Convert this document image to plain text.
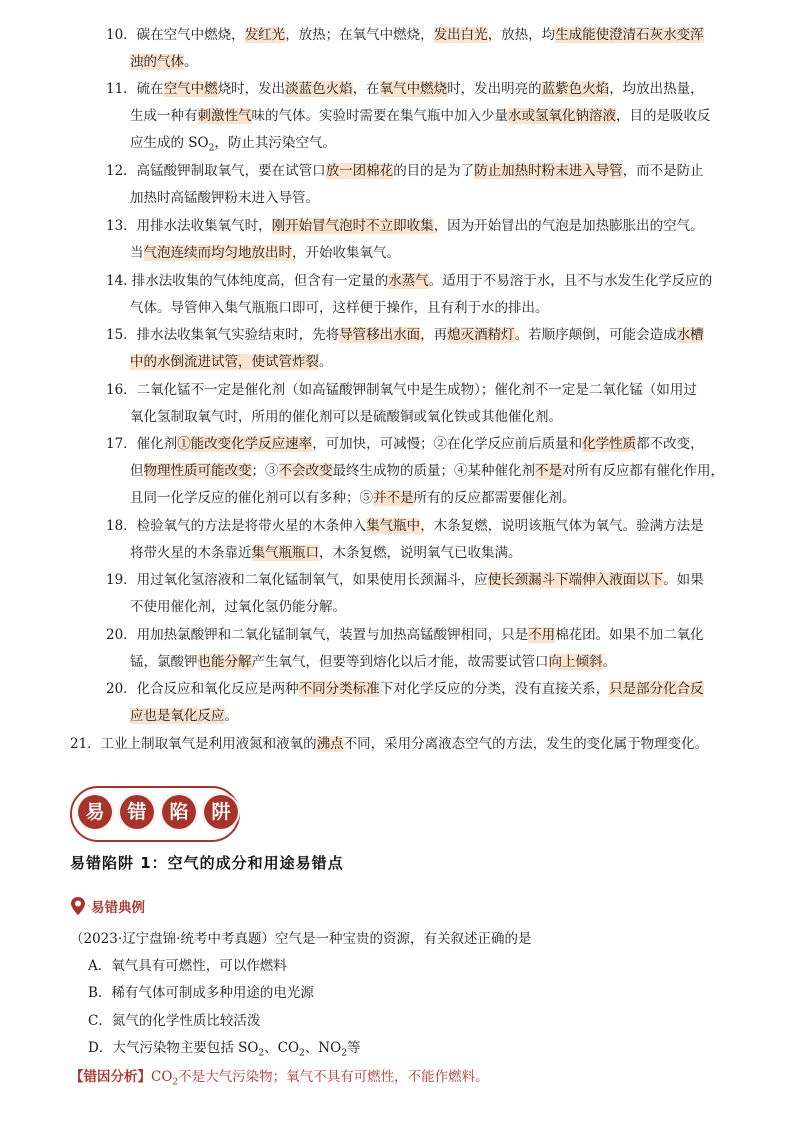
10．碳在空气中燃烧，发红光，放热；在氧气中燃烧，发出白光，放热，均生成能使澄清石灰水变浑
浊的气体。
11．硫在空气中燃烧时，发出淡蓝色火焰，在氧气中燃烧时，发出明亮的蓝紫色火焰，均放出热量，
生成一种有刺激性气味的气体。实验时需要在集气瓶中加入少量水或氢氧化钠溶液，目的是吸收反
应生成的 $SO_2$，防止其污染空气。
12．高锰酸钾制取氧气，要在试管口放一团棉花的目的是为了防止加热时粉末进入导管，而不是防止
加热时高锰酸钾粉末进入导管。
13．用排水法收集氧气时，刚开始冒气泡时不立即收集，因为开始冒出的气泡是加热膨胀出的空气。
当气泡连续而均匀地放出时，开始收集氧气。
14. 排水法收集的气体纯度高，但含有一定量的水蒸气。适用于不易溶于水，且不与水发生化学反应的
气体。导管伸入集气瓶瓶口即可，这样便于操作，且有利于水的排出。
15．排水法收集氧气实验结束时，先将导管移出水面，再熄灭酒精灯。若顺序颠倒，可能会造成水槽
中的水倒流进试管，使试管炸裂。
16．二氧化锰不一定是催化剂（如高锰酸钾制氧气中是生成物）；催化剂不一定是二氧化锰（如用过
氧化氢制取氧气时，所用的催化剂可以是硫酸铜或氧化铁或其他催化剂。
17．催化剂①能改变化学反应速率，可加快，可减慢；②在化学反应前后质量和化学性质都不改变，
但物理性质可能改变；③不会改变最终生成物的质量；④某种催化剂不是对所有反应都有催化作用，
且同一化学反应的催化剂可以有多种；⑤并不是所有的反应都需要催化剂。
18．检验氧气的方法是将带火星的木条伸入集气瓶中，木条复燃，说明该瓶气体为氧气。验满方法是
将带火星的木条靠近集气瓶瓶口，木条复燃，说明氧气已收集满。
19．用过氧化氢溶液和二氧化锰制氧气，如果使用长颈漏斗，应使长颈漏斗下端伸入液面以下。如果
不使用催化剂，过氧化氢仍能分解。
20．用加热氯酸钾和二氧化锰制氧气，装置与加热高锰酸钾相同，只是不用棉花团。如果不加二氧化
锰，氯酸钾也能分解产生氧气，但要等到熔化以后才能，故需要试管口向上倾斜。
20．化合反应和氧化反应是两种不同分类标准下对化学反应的分类，没有直接关系，只是部分化合反
应也是氧化反应。
21．工业上制取氧气是利用液氮和液氧的沸点不同，采用分离液态空气的方法，发生的变化属于物理变化。
易	错	陷	阱
易错陷阱 1：空气的成分和用途易错点
易错典例
（2023·辽宁盘锦·统考中考真题）空气是一种宝贵的资源，有关叙述正确的是
A．氧气具有可燃性，可以作燃料
B．稀有气体可制成多种用途的电光源
C．氮气的化学性质比较活泼
D．大气污染物主要包括 $SO_2$、$CO_2$、$NO_2$等
【错因分析】$CO_2$不是大气污染物；氧气不具有可燃性，不能作燃料。
